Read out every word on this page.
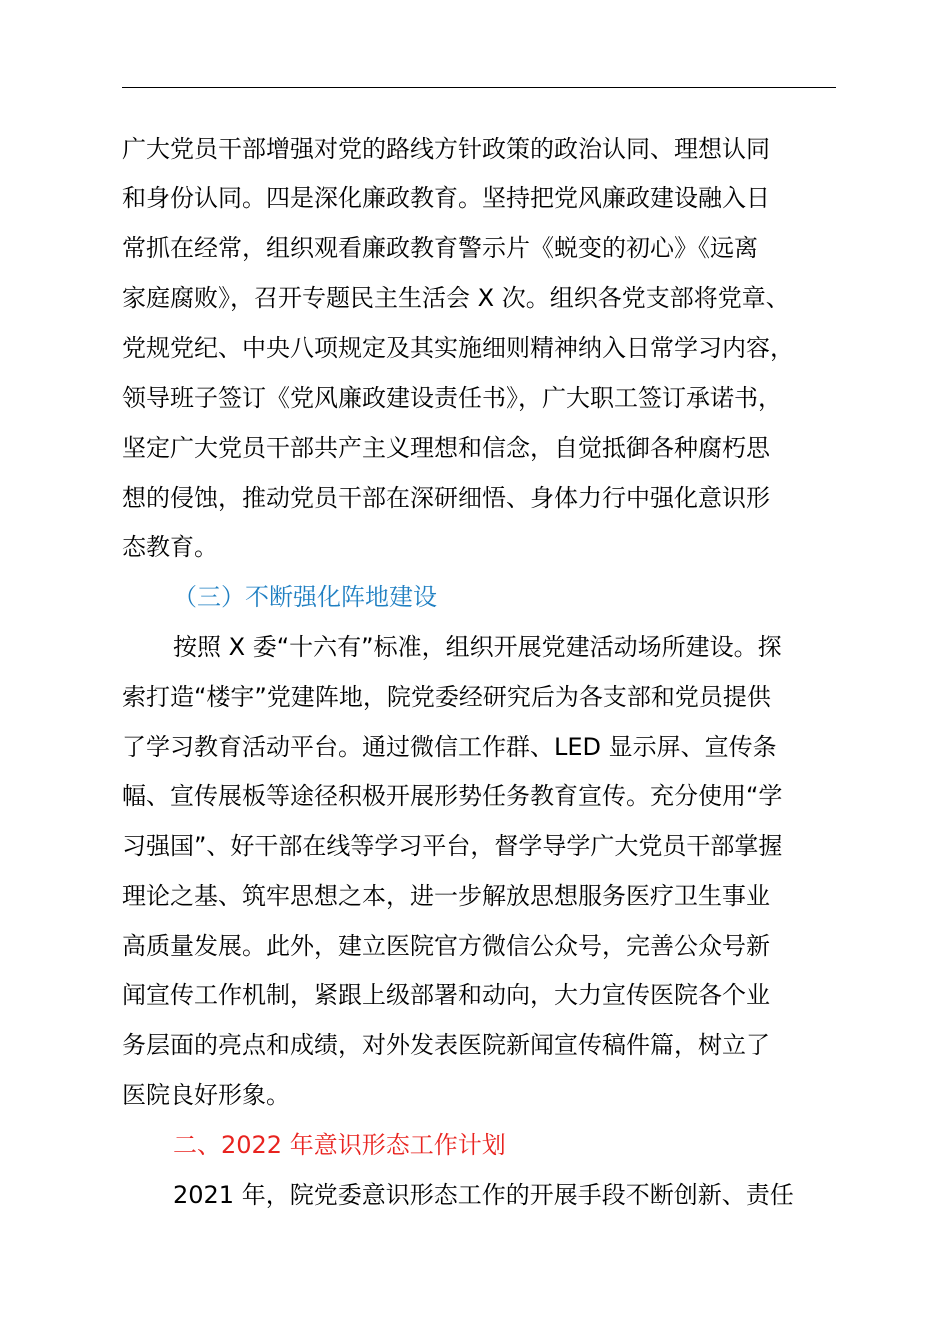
广大党员干部增强对党的路线方针政策的政治认同、理想认同
和身份认同。四是深化廉政教育。坚持把党风廉政建设融入日
常抓在经常，组织观看廉政教育警示片《蜕变的初心》《远离
家庭腐败》，召开专题民主生活会 X 次。组织各党支部将党章、
党规党纪、中央八项规定及其实施细则精神纳入日常学习内容，
领导班子签订《党风廉政建设责任书》，广大职工签订承诺书，
坚定广大党员干部共产主义理想和信念，自觉抵御各种腐朽思
想的侵蚀，推动党员干部在深研细悟、身体力行中强化意识形
态教育。
（三）不断强化阵地建设
按照 X 委“十六有”标准，组织开展党建活动场所建设。探
索打造“楼宇”党建阵地，院党委经研究后为各支部和党员提供
了学习教育活动平台。通过微信工作群、LED 显示屏、宣传条
幅、宣传展板等途径积极开展形势任务教育宣传。充分使用“学
习强国”、好干部在线等学习平台，督学导学广大党员干部掌握
理论之基、筑牢思想之本，进一步解放思想服务医疗卫生事业
高质量发展。此外，建立医院官方微信公众号，完善公众号新
闻宣传工作机制，紧跟上级部署和动向，大力宣传医院各个业
务层面的亮点和成绩，对外发表医院新闻宣传稿件篇，树立了
医院良好形象。
二、2022 年意识形态工作计划
2021 年，院党委意识形态工作的开展手段不断创新、责任
